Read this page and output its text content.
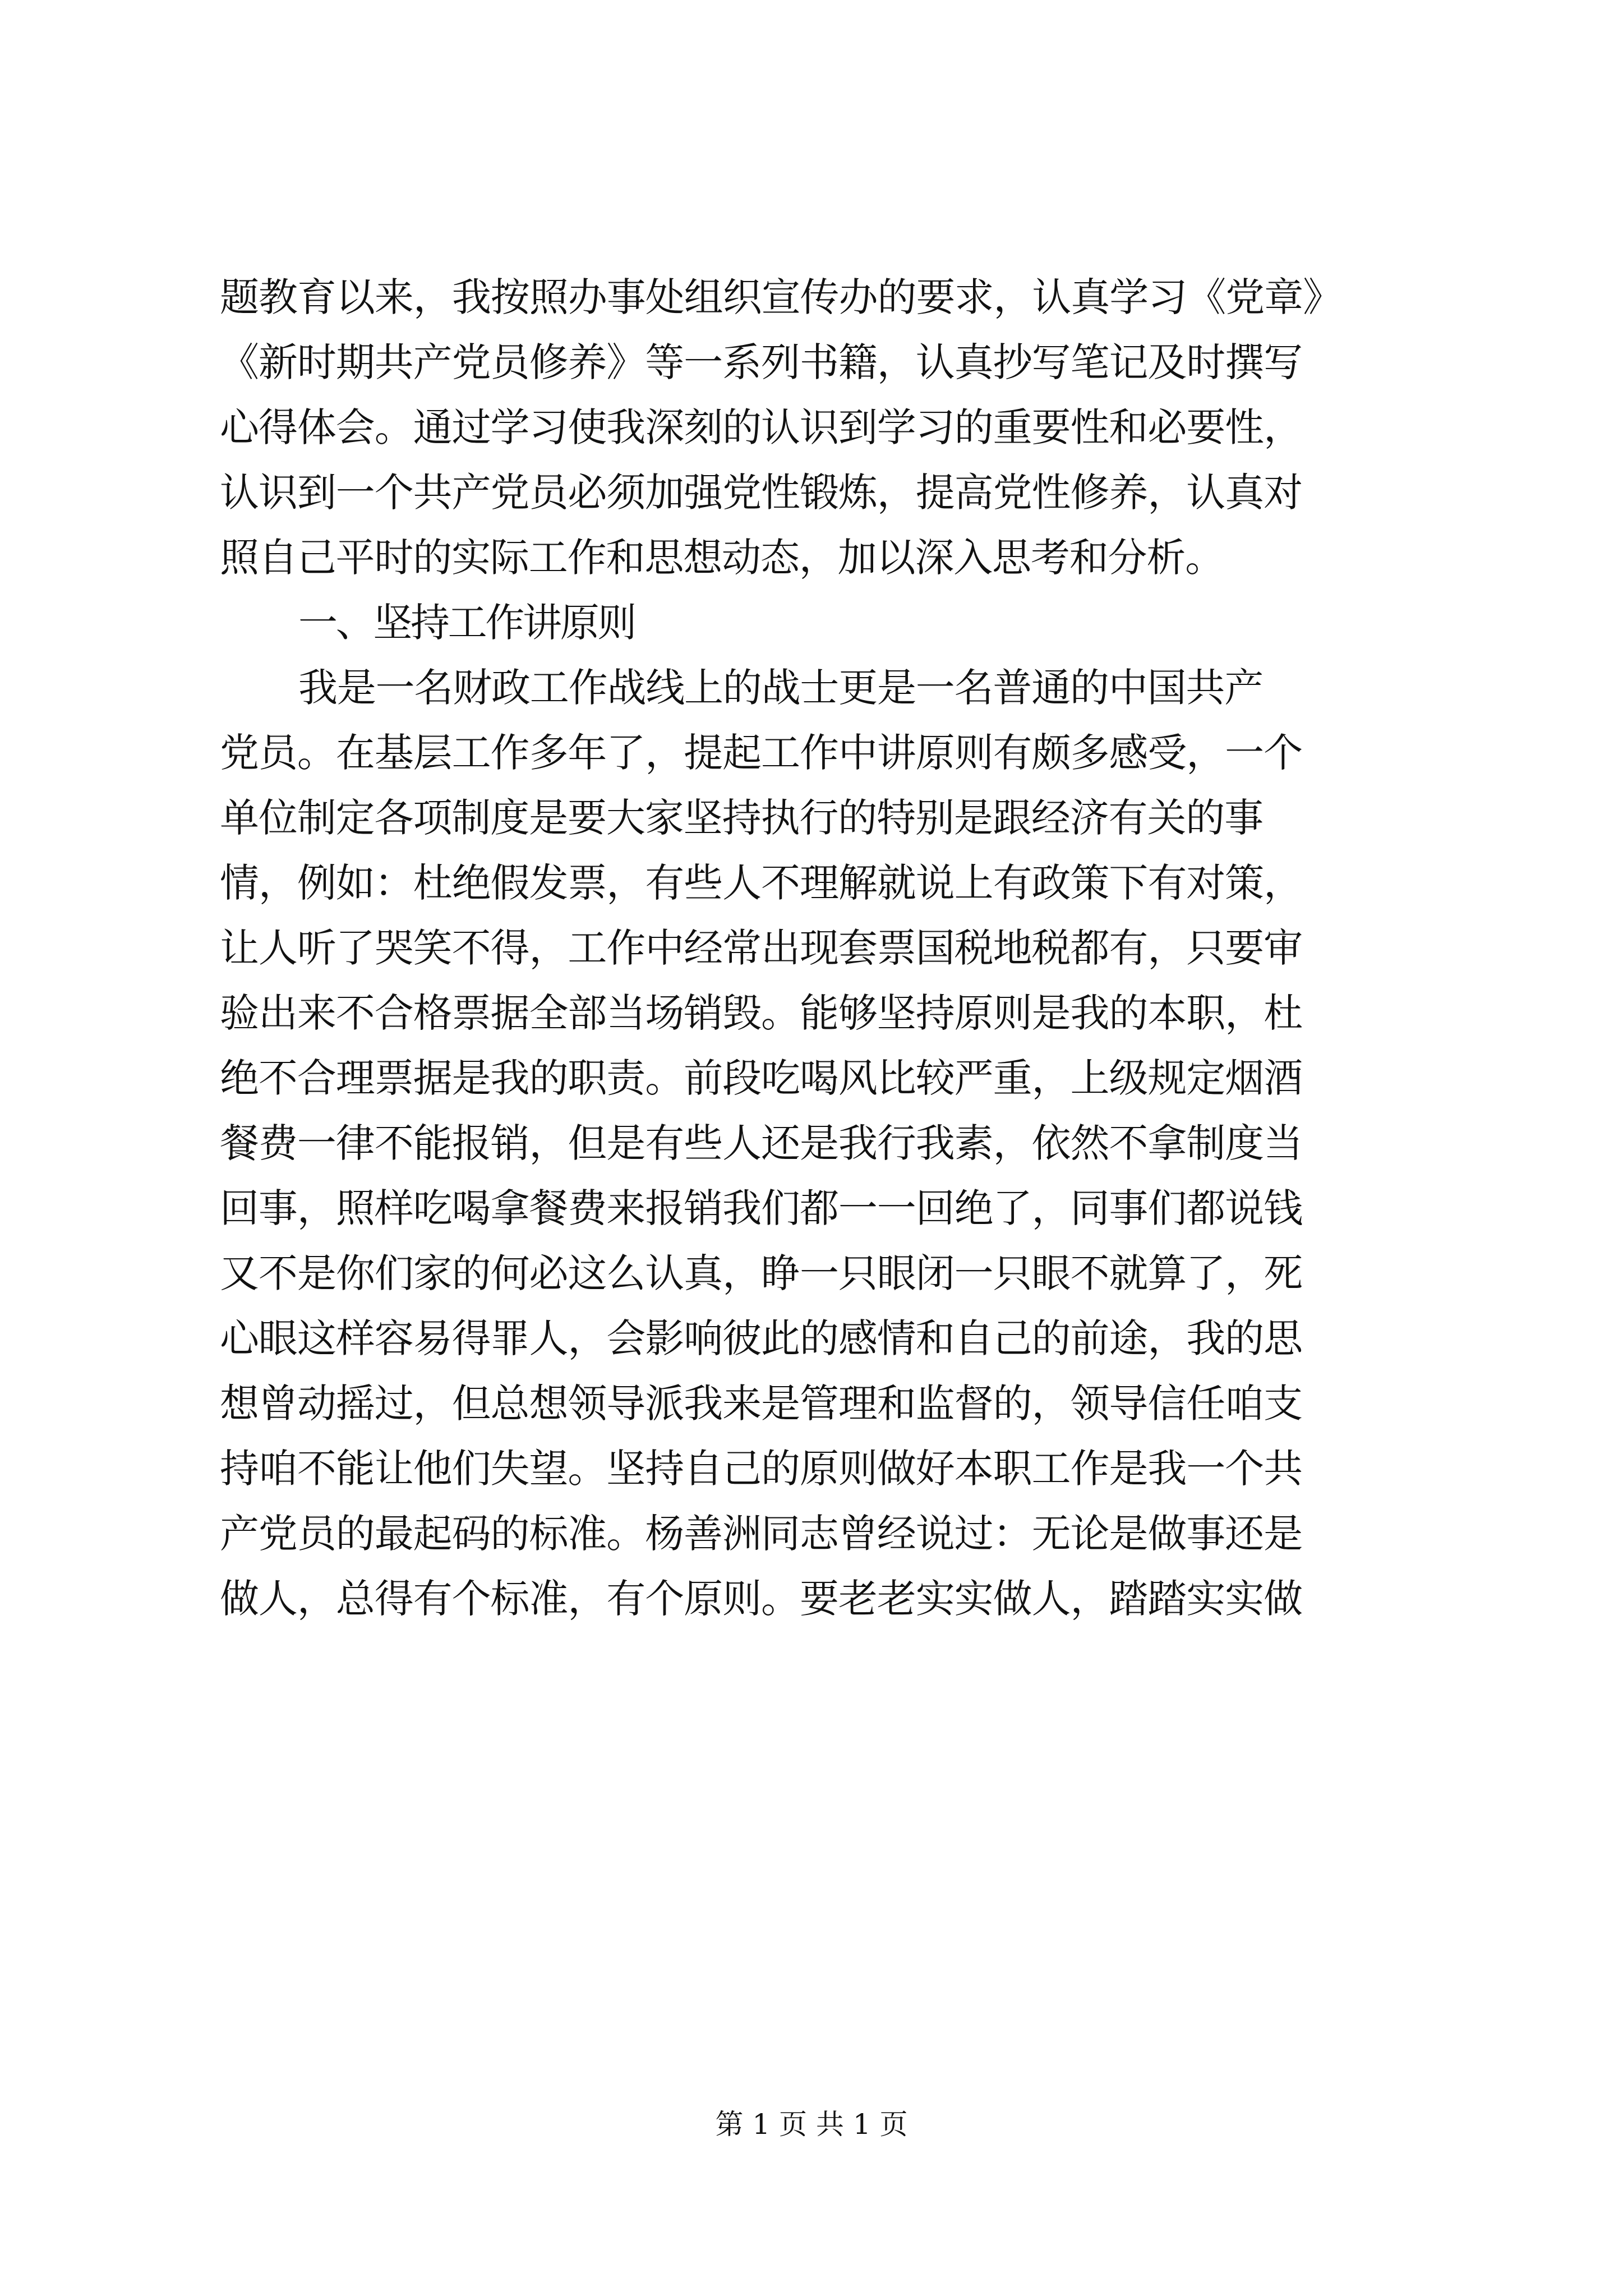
题教育以来，我按照办事处组织宣传办的要求，认真学习《党章》
《新时期共产党员修养》等一系列书籍，认真抄写笔记及时撰写
心得体会。通过学习使我深刻的认识到学习的重要性和必要性，
认识到一个共产党员必须加强党性锻炼，提高党性修养，认真对
照自己平时的实际工作和思想动态，加以深入思考和分析。
一、坚持工作讲原则
我是一名财政工作战线上的战士更是一名普通的中国共产
党员。在基层工作多年了，提起工作中讲原则有颇多感受，一个
单位制定各项制度是要大家坚持执行的特别是跟经济有关的事
情，例如：杜绝假发票，有些人不理解就说上有政策下有对策，
让人听了哭笑不得，工作中经常出现套票国税地税都有，只要审
验出来不合格票据全部当场销毁。能够坚持原则是我的本职，杜
绝不合理票据是我的职责。前段吃喝风比较严重，上级规定烟酒
餐费一律不能报销，但是有些人还是我行我素，依然不拿制度当
回事，照样吃喝拿餐费来报销我们都一一回绝了，同事们都说钱
又不是你们家的何必这么认真，睁一只眼闭一只眼不就算了，死
心眼这样容易得罪人，会影响彼此的感情和自己的前途，我的思
想曾动摇过，但总想领导派我来是管理和监督的，领导信任咱支
持咱不能让他们失望。坚持自己的原则做好本职工作是我一个共
产党员的最起码的标准。杨善洲同志曾经说过：无论是做事还是
做人，总得有个标准，有个原则。要老老实实做人，踏踏实实做
第 1 页 共 1 页
